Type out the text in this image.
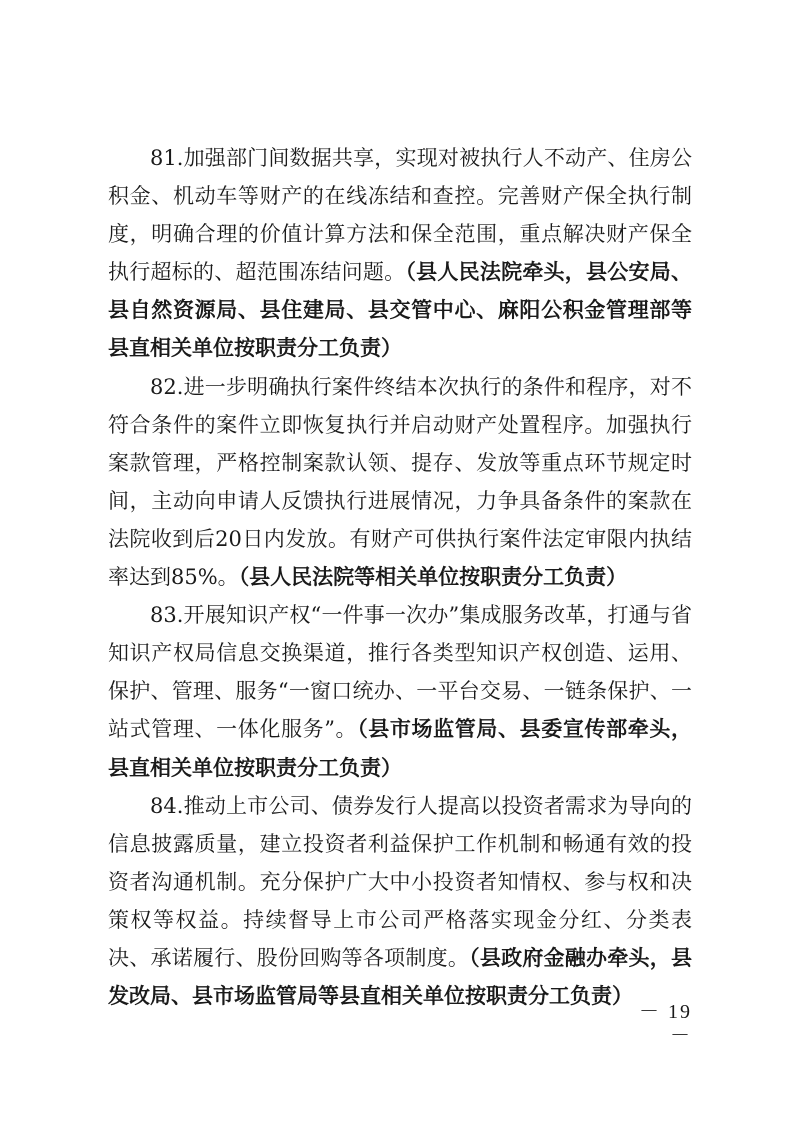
81.加强部门间数据共享，实现对被执行人不动产、住房公积金、机动车等财产的在线冻结和查控。完善财产保全执行制度，明确合理的价值计算方法和保全范围，重点解决财产保全执行超标的、超范围冻结问题。（县人民法院牵头，县公安局、县自然资源局、县住建局、县交管中心、麻阳公积金管理部等县直相关单位按职责分工负责）

82.进一步明确执行案件终结本次执行的条件和程序，对不符合条件的案件立即恢复执行并启动财产处置程序。加强执行案款管理，严格控制案款认领、提存、发放等重点环节规定时间，主动向申请人反馈执行进展情况，力争具备条件的案款在法院收到后20日内发放。有财产可供执行案件法定审限内执结率达到85%。（县人民法院等相关单位按职责分工负责）

83.开展知识产权“一件事一次办”集成服务改革，打通与省知识产权局信息交换渠道，推行各类型知识产权创造、运用、保护、管理、服务“一窗口统办、一平台交易、一链条保护、一站式管理、一体化服务”。（县市场监管局、县委宣传部牵头，县直相关单位按职责分工负责）

84.推动上市公司、债券发行人提高以投资者需求为导向的信息披露质量，建立投资者利益保护工作机制和畅通有效的投资者沟通机制。充分保护广大中小投资者知情权、参与权和决策权等权益。持续督导上市公司严格落实现金分红、分类表决、承诺履行、股份回购等各项制度。（县政府金融办牵头，县发改局、县市场监管局等县直相关单位按职责分工负责）

－ 19 －
